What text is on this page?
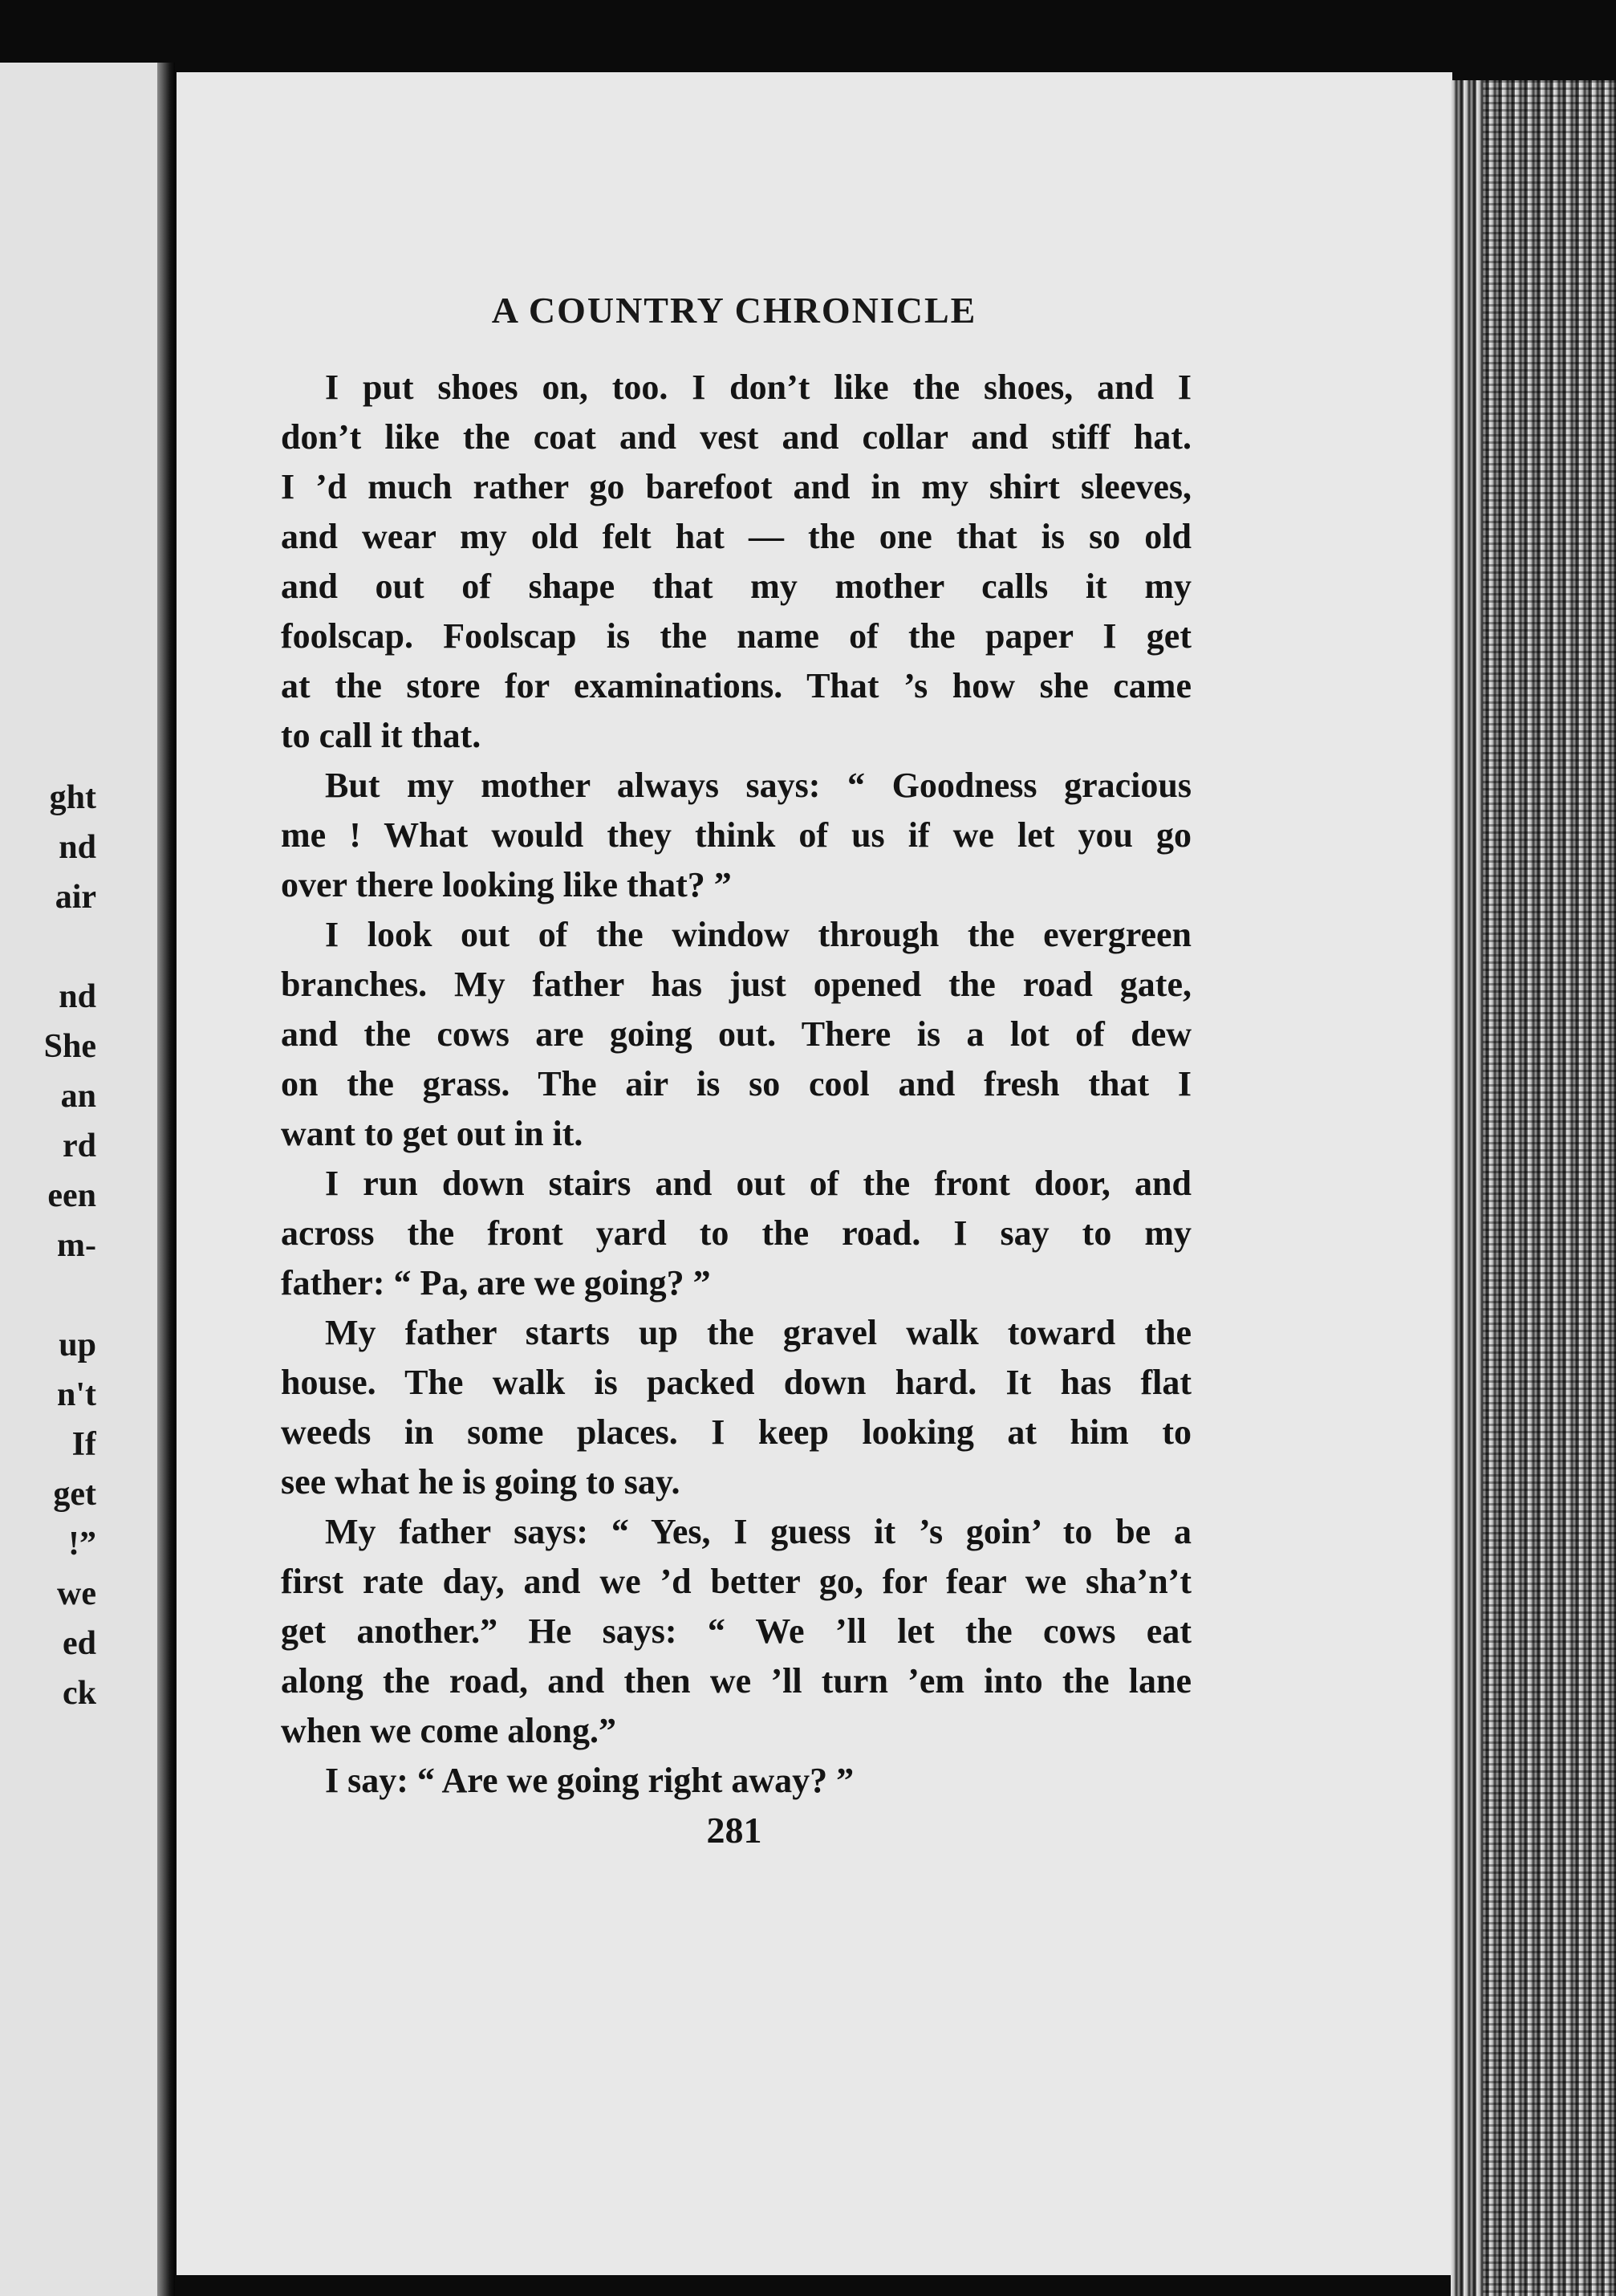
ght
nd
air
nd
She
an
rd
een
m-
up
n't
If
get
!”
we
ed
ck
A COUNTRY CHRONICLE
I put shoes on, too. I don’t like the shoes, and I
don’t like the coat and vest and collar and stiff hat.
I ’d much rather go barefoot and in my shirt sleeves,
and wear my old felt hat — the one that is so old
and out of shape that my mother calls it my
foolscap. Foolscap is the name of the paper I get
at the store for examinations. That ’s how she came
to call it that.
But my mother always says: “ Goodness gracious
me ! What would they think of us if we let you go
over there looking like that? ”
I look out of the window through the evergreen
branches. My father has just opened the road gate,
and the cows are going out. There is a lot of dew
on the grass. The air is so cool and fresh that I
want to get out in it.
I run down stairs and out of the front door, and
across the front yard to the road. I say to my
father: “ Pa, are we going? ”
My father starts up the gravel walk toward the
house. The walk is packed down hard. It has flat
weeds in some places. I keep looking at him to
see what he is going to say.
My father says: “ Yes, I guess it ’s goin’ to be a
first rate day, and we ’d better go, for fear we sha’n’t
get another.” He says: “ We ’ll let the cows eat
along the road, and then we ’ll turn ’em into the lane
when we come along.”
I say: “ Are we going right away? ”
281
